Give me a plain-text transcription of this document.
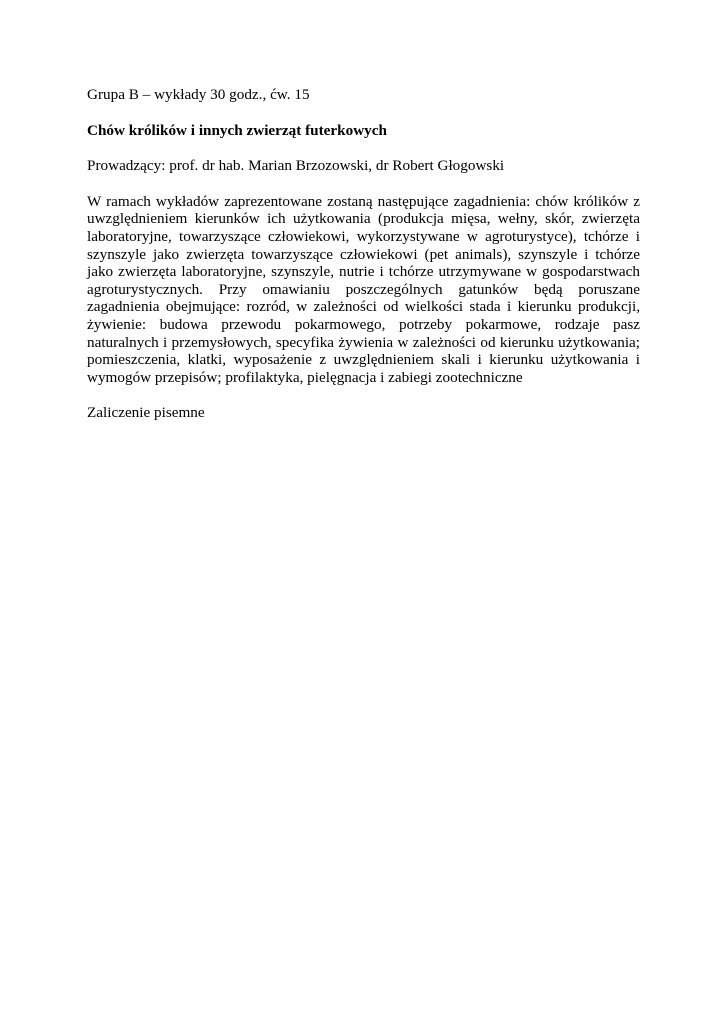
Grupa B – wykłady 30 godz., ćw. 15

Chów królików i innych zwierząt futerkowych

Prowadzący: prof. dr hab. Marian Brzozowski, dr Robert Głogowski

W ramach wykładów zaprezentowane zostaną następujące zagadnienia: chów królików z uwzględnieniem kierunków ich użytkowania (produkcja mięsa, wełny, skór, zwierzęta laboratoryjne, towarzyszące człowiekowi, wykorzystywane w agroturystyce), tchórze i szynszyle jako zwierzęta towarzyszące człowiekowi (pet animals), szynszyle i tchórze jako zwierzęta laboratoryjne, szynszyle, nutrie i tchórze utrzymywane w gospodarstwach agroturystycznych. Przy omawianiu poszczególnych gatunków będą poruszane zagadnienia obejmujące: rozród, w zależności od wielkości stada i kierunku produkcji, żywienie: budowa przewodu pokarmowego, potrzeby pokarmowe, rodzaje pasz naturalnych i przemysłowych, specyfika żywienia w zależności od kierunku użytkowania; pomieszczenia, klatki, wyposażenie z uwzględnieniem skali i kierunku użytkowania i wymogów przepisów; profilaktyka, pielęgnacja i zabiegi zootechniczne

Zaliczenie pisemne
